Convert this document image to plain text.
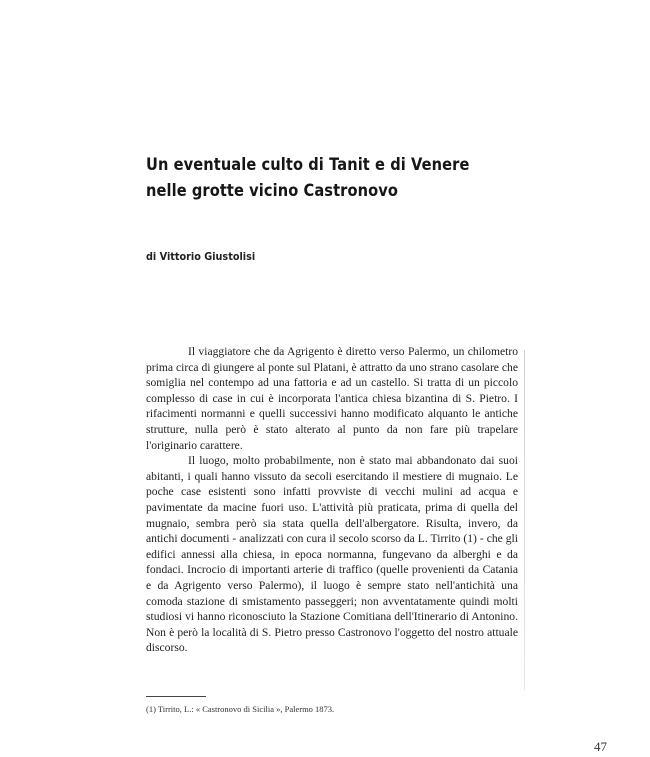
Un eventuale culto di Tanit e di Venere
nelle grotte vicino Castronovo
di Vittorio Giustolisi

Il viaggiatore che da Agrigento è diretto verso Palermo, un chilometro prima circa di giungere al ponte sul Platani, è attratto da uno strano casolare che somiglia nel contempo ad una fattoria e ad un castello. Si tratta di un piccolo complesso di case in cui è incorporata l'antica chiesa bizantina di S. Pietro. I rifacimenti normanni e quelli successivi hanno modificato alquanto le antiche strutture, nulla però è stato alterato al punto da non fare più trapelare l'originario carattere.

Il luogo, molto probabilmente, non è stato mai abbandonato dai suoi abitanti, i quali hanno vissuto da secoli esercitando il mestiere di mugnaio. Le poche case esistenti sono infatti provviste di vecchi mulini ad acqua e pavimentate da macine fuori uso. L'attività più praticata, prima di quella del mugnaio, sembra però sia stata quella dell'albergatore. Risulta, invero, da antichi documenti - analizzati con cura il secolo scorso da L. Tirrito (1) - che gli edifici annessi alla chiesa, in epoca normanna, fungevano da alberghi e da fondaci. Incrocio di importanti arterie di traffico (quelle provenienti da Catania e da Agrigento verso Palermo), il luogo è sempre stato nell'antichità una comoda stazione di smistamento passeggeri; non avventatamente quindi molti studiosi vi hanno riconosciuto la Stazione Comitiana dell'Itinerario di Antonino. Non è però la località di S. Pietro presso Castronovo l'oggetto del nostro attuale discorso.

(1) Tirrito, L.: « Castronovo di Sicilia », Palermo 1873.
47
